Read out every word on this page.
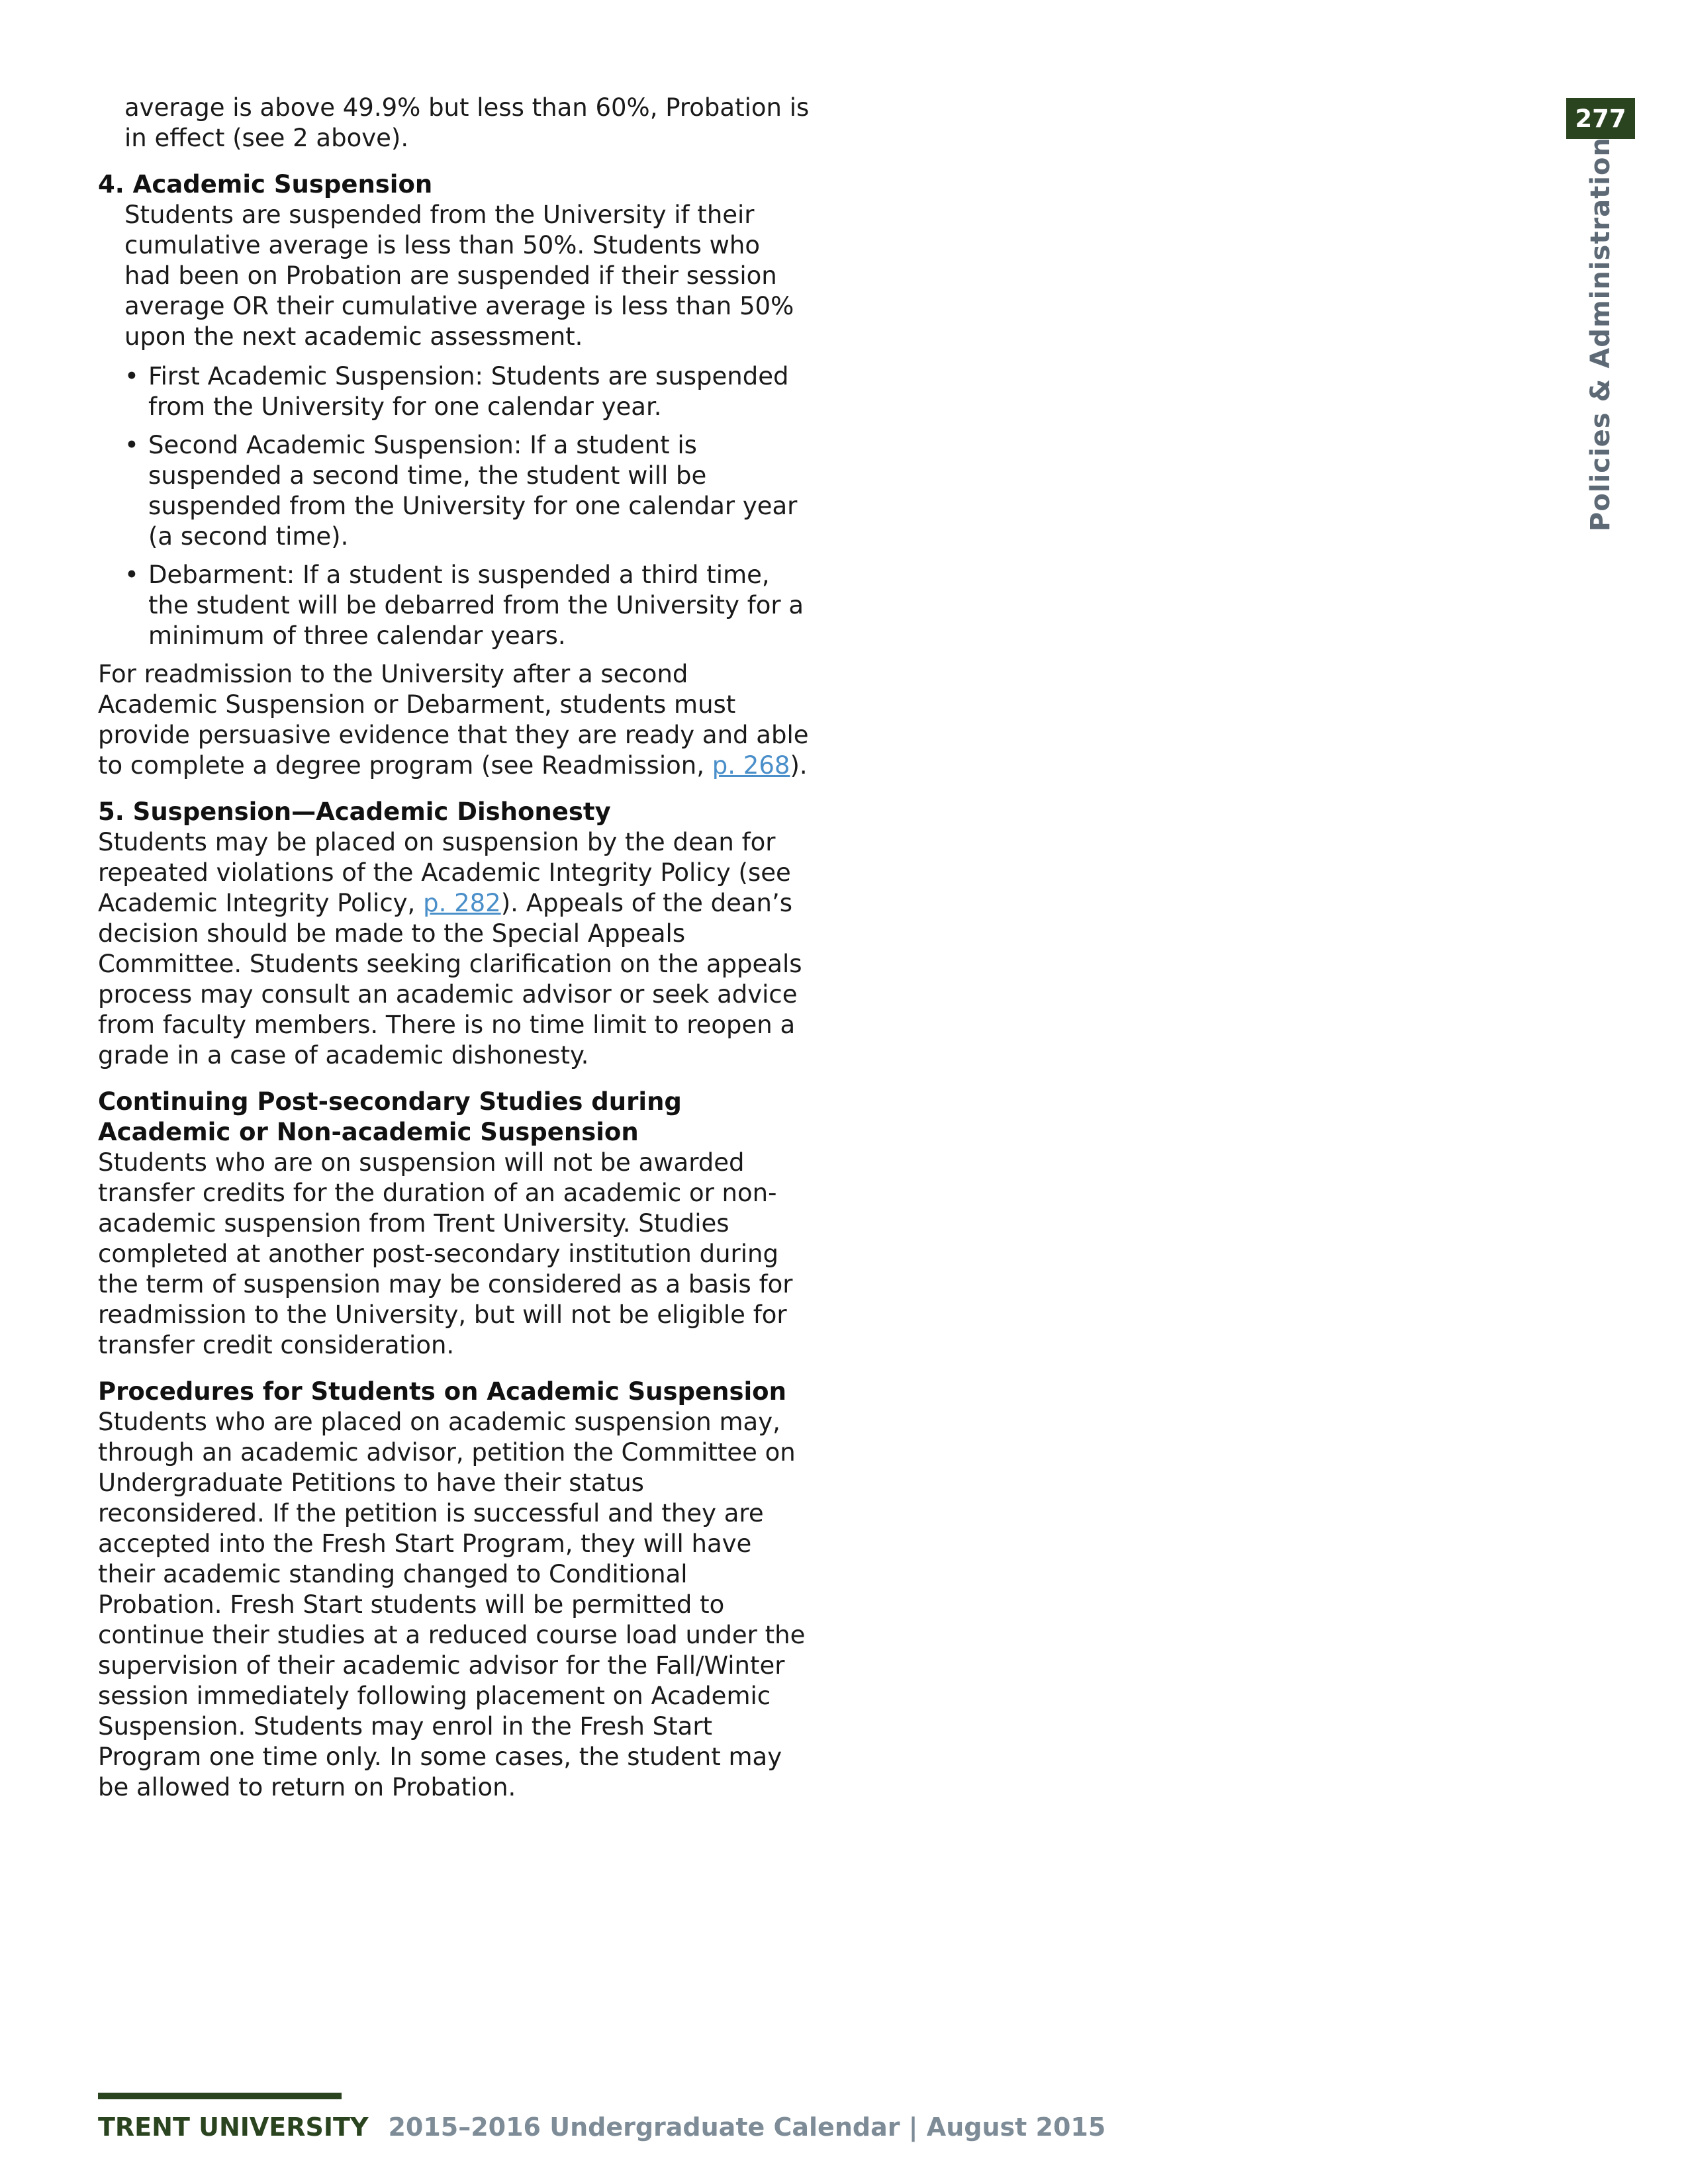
277
Policies & Administration

average is above 49.9% but less than 60%, Probation is in effect (see 2 above).

4. Academic Suspension

Students are suspended from the University if their cumulative average is less than 50%. Students who had been on Probation are suspended if their session average OR their cumulative average is less than 50% upon the next academic assessment.

• First Academic Suspension: Students are suspended from the University for one calendar year.
• Second Academic Suspension: If a student is suspended a second time, the student will be suspended from the University for one calendar year (a second time).
• Debarment: If a student is suspended a third time, the student will be debarred from the University for a minimum of three calendar years.

For readmission to the University after a second Academic Suspension or Debarment, students must provide persuasive evidence that they are ready and able to complete a degree program (see Readmission, p. 268).

5. Suspension—Academic Dishonesty

Students may be placed on suspension by the dean for repeated violations of the Academic Integrity Policy (see Academic Integrity Policy, p. 282). Appeals of the dean’s decision should be made to the Special Appeals Committee. Students seeking clarification on the appeals process may consult an academic advisor or seek advice from faculty members. There is no time limit to reopen a grade in a case of academic dishonesty.

Continuing Post-secondary Studies during Academic or Non-academic Suspension

Students who are on suspension will not be awarded transfer credits for the duration of an academic or non-academic suspension from Trent University. Studies completed at another post-secondary institution during the term of suspension may be considered as a basis for readmission to the University, but will not be eligible for transfer credit consideration.

Procedures for Students on Academic Suspension

Students who are placed on academic suspension may, through an academic advisor, petition the Committee on Undergraduate Petitions to have their status reconsidered. If the petition is successful and they are accepted into the Fresh Start Program, they will have their academic standing changed to Conditional Probation. Fresh Start students will be permitted to continue their studies at a reduced course load under the supervision of their academic advisor for the Fall/Winter session immediately following placement on Academic Suspension. Students may enrol in the Fresh Start Program one time only. In some cases, the student may be allowed to return on Probation.

TRENT UNIVERSITY 2015–2016 Undergraduate Calendar | August 2015
